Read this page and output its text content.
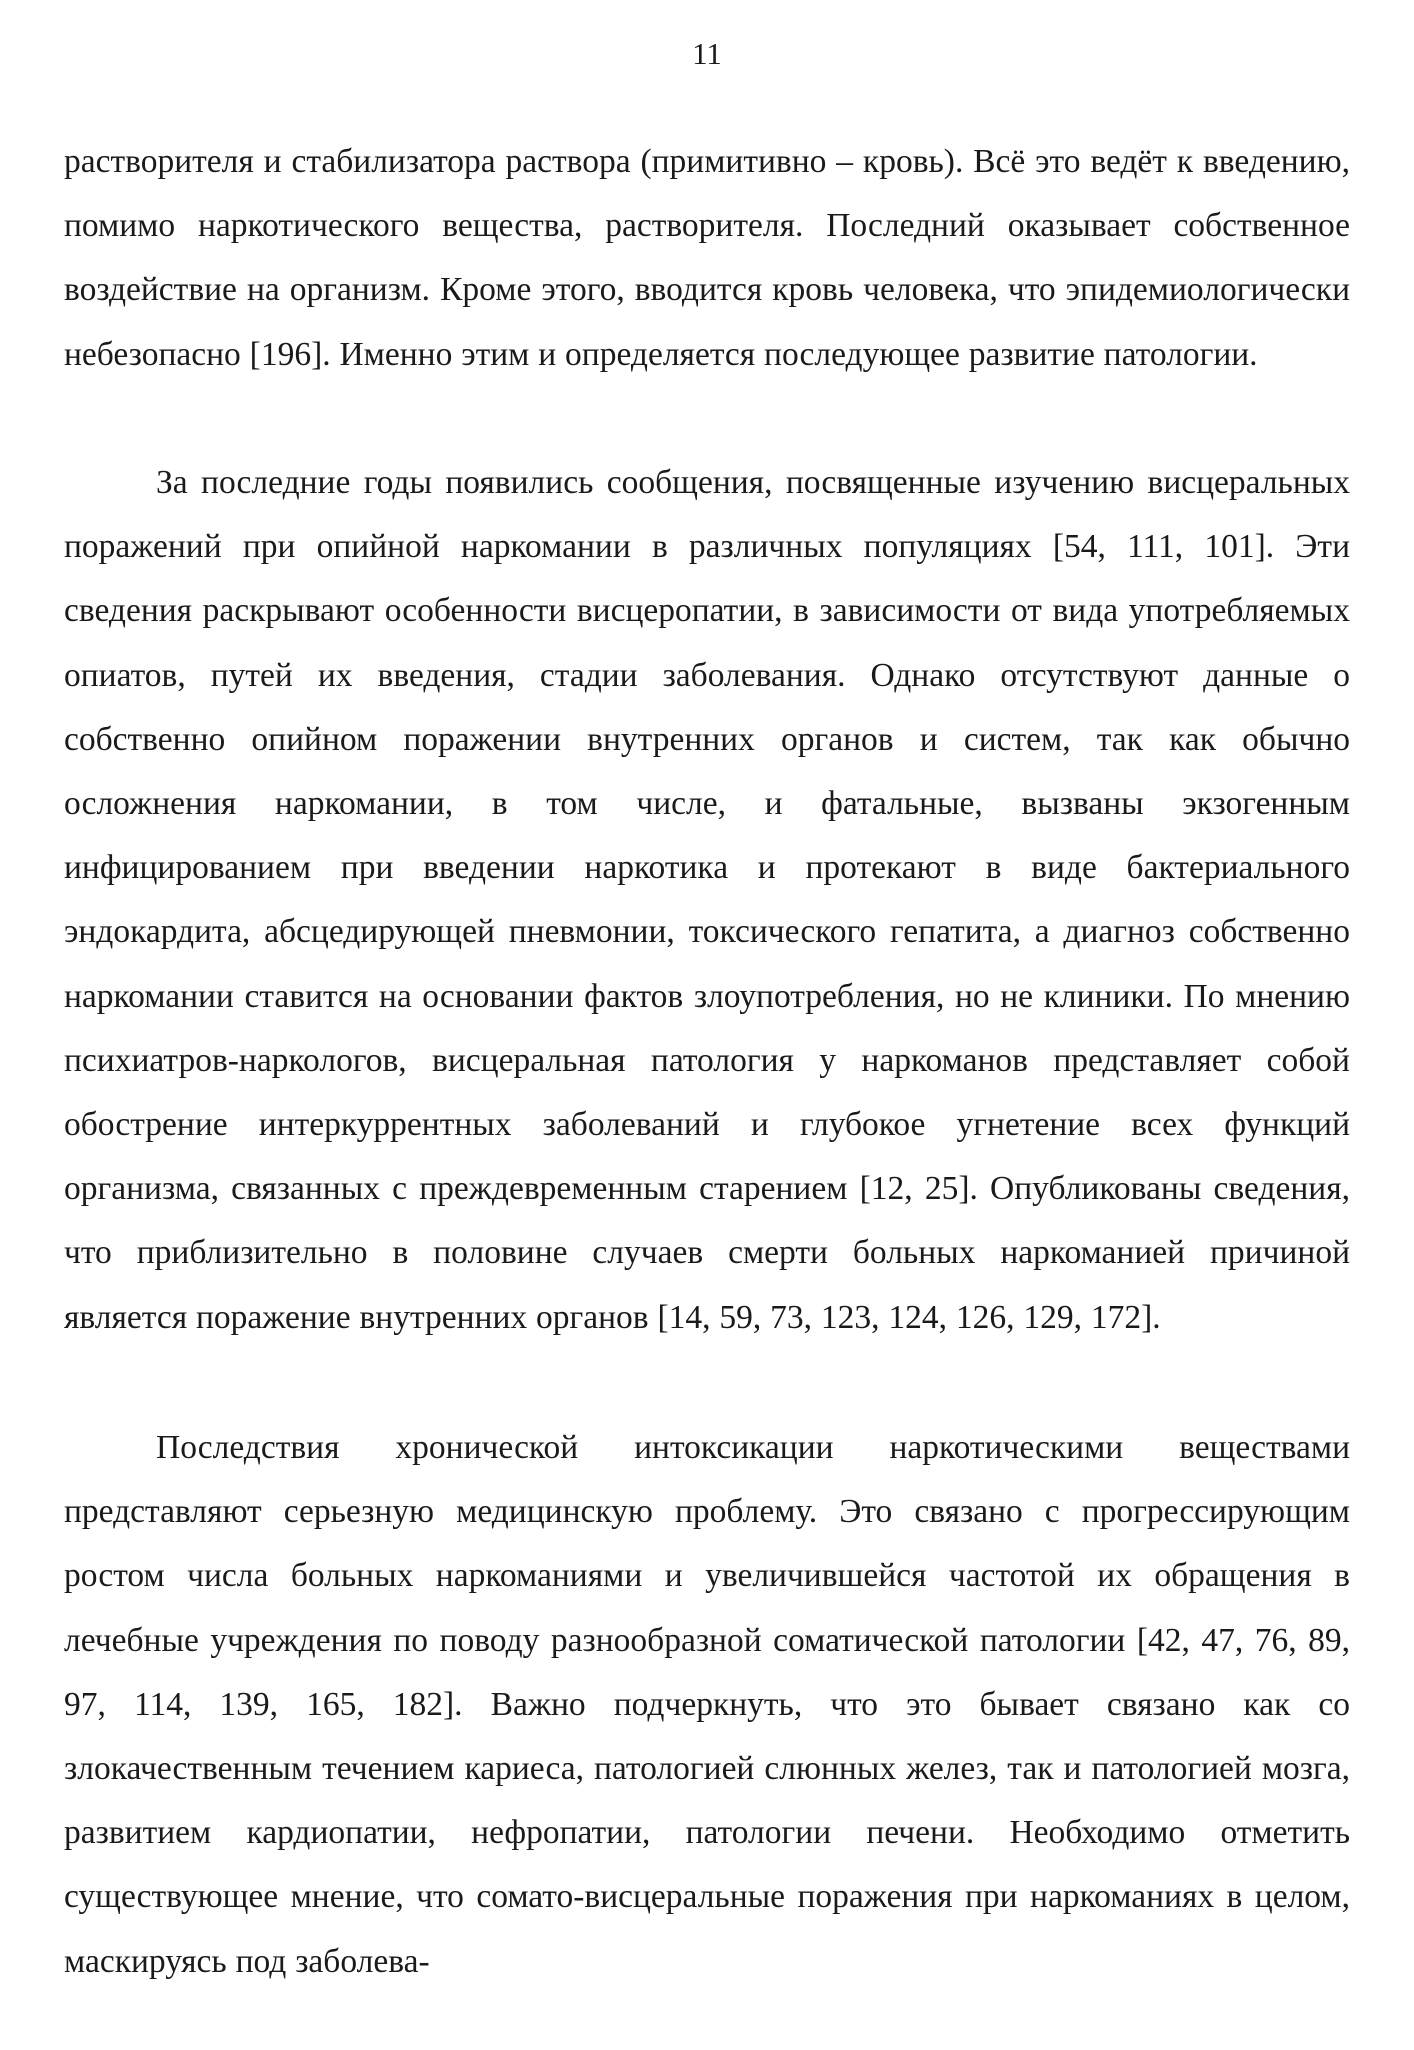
11

растворителя и стабилизатора раствора (примитивно – кровь). Всё это ведёт к введению, помимо наркотического вещества, растворителя. Последний оказывает собственное воздействие на организм. Кроме этого, вводится кровь человека, что эпидемиологически небезопасно [196]. Именно этим и определяется последующее развитие патологии.

За последние годы появились сообщения, посвященные изучению висцеральных поражений при опийной наркомании в различных популяциях [54, 111, 101]. Эти сведения раскрывают особенности висцеропатии, в зависимости от вида употребляемых опиатов, путей их введения, стадии заболевания. Однако отсутствуют данные о собственно опийном поражении внутренних органов и систем, так как обычно осложнения наркомании, в том числе, и фатальные, вызваны экзогенным инфицированием при введении наркотика и протекают в виде бактериального эндокардита, абсцедирующей пневмонии, токсического гепатита, а диагноз собственно наркомании ставится на основании фактов злоупотребления, но не клиники. По мнению психиатров-наркологов, висцеральная патология у наркоманов представляет собой обострение интеркуррентных заболеваний и глубокое угнетение всех функций организма, связанных с преждевременным старением [12, 25]. Опубликованы сведения, что приблизительно в половине случаев смерти больных наркоманией причиной является поражение внутренних органов [14, 59, 73, 123, 124, 126, 129, 172].

Последствия хронической интоксикации наркотическими веществами представляют серьезную медицинскую проблему. Это связано с прогрессирующим ростом числа больных наркоманиями и увеличившейся частотой их обращения в лечебные учреждения по поводу разнообразной соматической патологии [42, 47, 76, 89, 97, 114, 139, 165, 182]. Важно подчеркнуть, что это бывает связано как со злокачественным течением кариеса, патологией слюнных желез, так и патологией мозга, развитием кардиопатии, нефропатии, патологии печени. Необходимо отметить существующее мнение, что сомато-висцеральные поражения при наркоманиях в целом, маскируясь под заболева-
